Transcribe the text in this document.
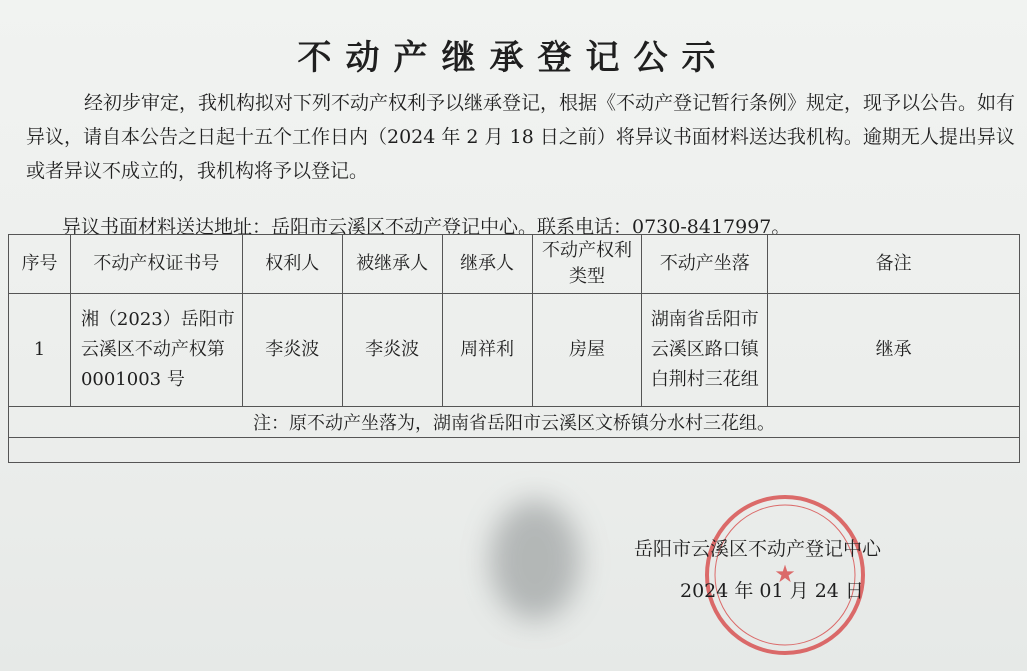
不动产继承登记公示
经初步审定，我机构拟对下列不动产权利予以继承登记，根据《不动产登记暂行条例》规定，现予以公告。如有异议，请自本公告之日起十五个工作日内（2024 年 2 月 18 日之前）将异议书面材料送达我机构。逾期无人提出异议或者异议不成立的，我机构将予以登记。
异议书面材料送达地址：岳阳市云溪区不动产登记中心。联系电话：0730-8417997。
序号	不动产权证书号	权利人	被继承人	继承人	不动产权利类型	不动产坐落	备注
1	湘（2023）岳阳市云溪区不动产权第 0001003 号	李炎波	李炎波	周祥利	房屋	湖南省岳阳市云溪区路口镇白荆村三花组	继承
注：原不动产坐落为，湖南省岳阳市云溪区文桥镇分水村三花组。							

★
岳阳市云溪区不动产登记中心
2024 年 01 月 24 日
